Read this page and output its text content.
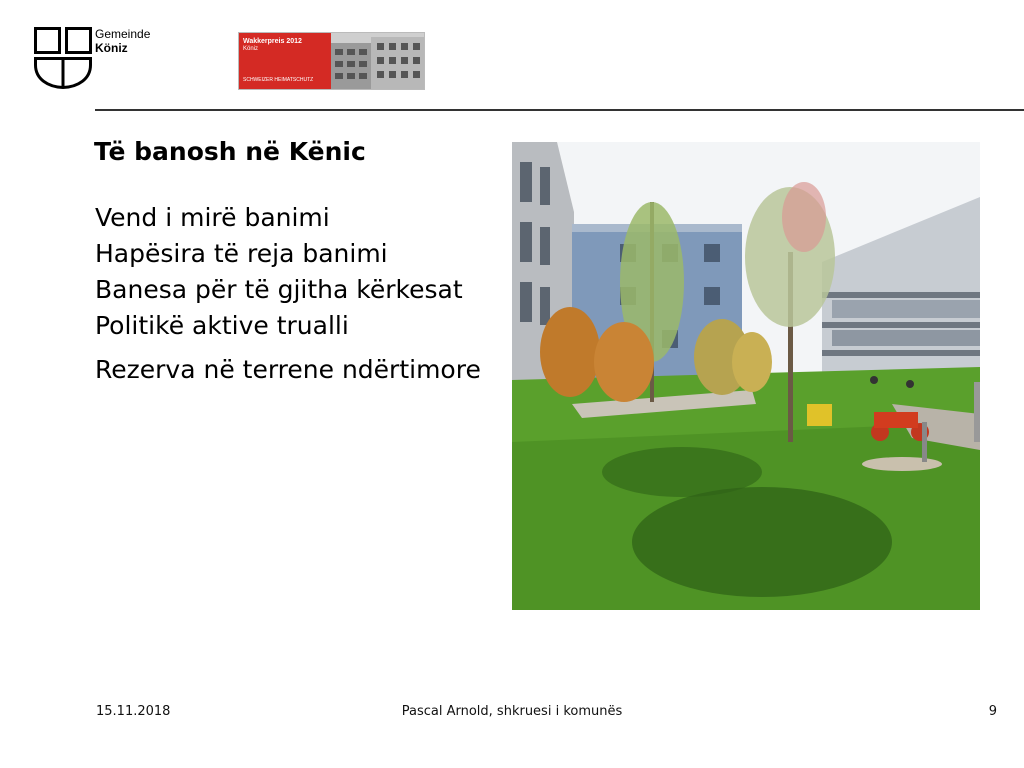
Gemeinde
Köniz	Wakkerpreis 2012
Köniz
SCHWEIZER HEIMATSCHUTZ
Të banosh në Kënic
Vend i mirë banimi
Hapësira të reja banimi
Banesa për të gjitha kërkesat
Politikë aktive trualli
Rezerva në terrene ndërtimore
15.11.2018	Pascal Arnold, shkruesi i komunës	9
